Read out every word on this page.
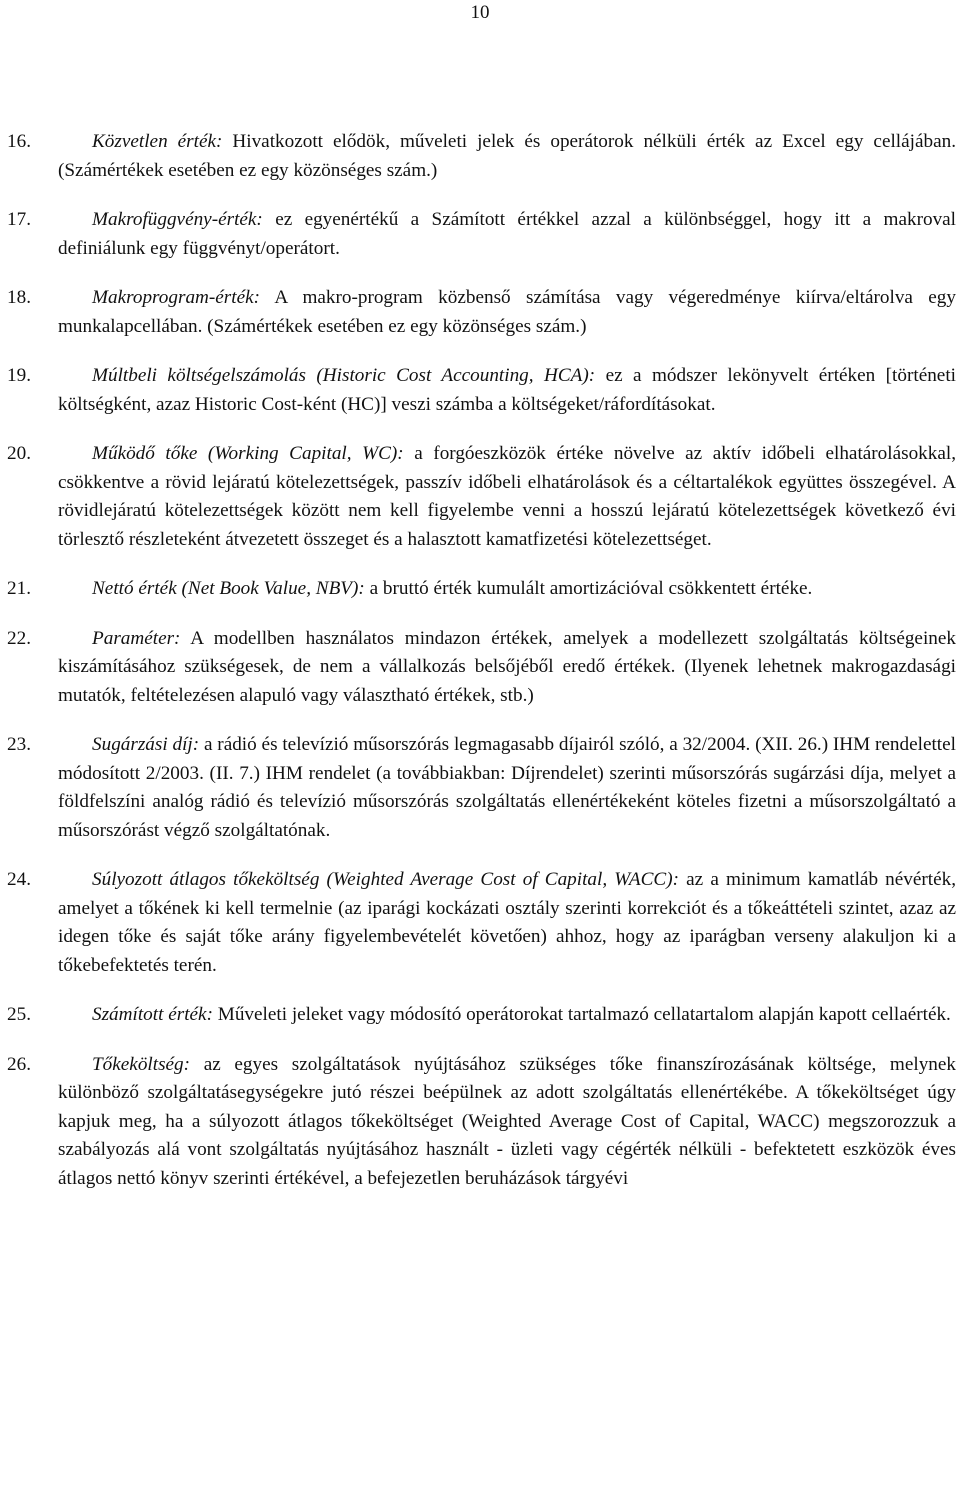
10

16.	Közvetlen érték: Hivatkozott elődök, műveleti jelek és operátorok nélküli érték az Excel egy cellájában. (Számértékek esetében ez egy közönséges szám.)

17.	Makrofüggvény-érték: ez egyenértékű a Számított értékkel azzal a különbséggel, hogy itt a makroval definiálunk egy függvényt/operátort.

18.	Makroprogram-érték: A makro-program közbenső számítása vagy végeredménye kiírva/eltárolva egy munkalapcellában. (Számértékek esetében ez egy közönséges szám.)

19.	Múltbeli költségelszámolás (Historic Cost Accounting, HCA): ez a módszer lekönyvelt értéken [történeti költségként, azaz Historic Cost-ként (HC)] veszi számba a költségeket/ráfordításokat.

20.	Működő tőke (Working Capital, WC): a forgóeszközök értéke növelve az aktív időbeli elhatárolásokkal, csökkentve a rövid lejáratú kötelezettségek, passzív időbeli elhatárolások és a céltartalékok együttes összegével. A rövidlejáratú kötelezettségek között nem kell figyelembe venni a hosszú lejáratú kötelezettségek következő évi törlesztő részleteként átvezetett összeget és a halasztott kamatfizetési kötelezettséget.

21.	Nettó érték (Net Book Value, NBV): a bruttó érték kumulált amortizációval csökkentett értéke.

22.	Paraméter: A modellben használatos mindazon értékek, amelyek a modellezett szolgáltatás költségeinek kiszámításához szükségesek, de nem a vállalkozás belsőjéből eredő értékek. (Ilyenek lehetnek makrogazdasági mutatók, feltételezésen alapuló vagy választható értékek, stb.)

23.	Sugárzási díj: a rádió és televízió műsorszórás legmagasabb díjairól szóló, a 32/2004. (XII. 26.) IHM rendelettel módosított 2/2003. (II. 7.) IHM rendelet (a továbbiakban: Díjrendelet) szerinti műsorszórás sugárzási díja, melyet a földfelszíni analóg rádió és televízió műsorszórás szolgáltatás ellenértékeként köteles fizetni a műsorszolgáltató a műsorszórást végző szolgáltatónak.

24.	Súlyozott átlagos tőkeköltség (Weighted Average Cost of Capital, WACC): az a minimum kamatláb névérték, amelyet a tőkének ki kell termelnie (az iparági kockázati osztály szerinti korrekciót és a tőkeáttételi szintet, azaz az idegen tőke és saját tőke arány figyelembevételét követően) ahhoz, hogy az iparágban verseny alakuljon ki a tőkebefektetés terén.

25.	Számított érték: Műveleti jeleket vagy módosító operátorokat tartalmazó cellatartalom alapján kapott cellaérték.

26.	Tőkeköltség: az egyes szolgáltatások nyújtásához szükséges tőke finanszírozásának költsége, melynek különböző szolgáltatásegységekre jutó részei beépülnek az adott szolgáltatás ellenértékébe. A tőkeköltséget úgy kapjuk meg, ha a súlyozott átlagos tőkeköltséget (Weighted Average Cost of Capital, WACC) megszorozzuk a szabályozás alá vont szolgáltatás nyújtásához használt - üzleti vagy cégérték nélküli - befektetett eszközök éves átlagos nettó könyv szerinti értékével, a befejezetlen beruházások tárgyévi
